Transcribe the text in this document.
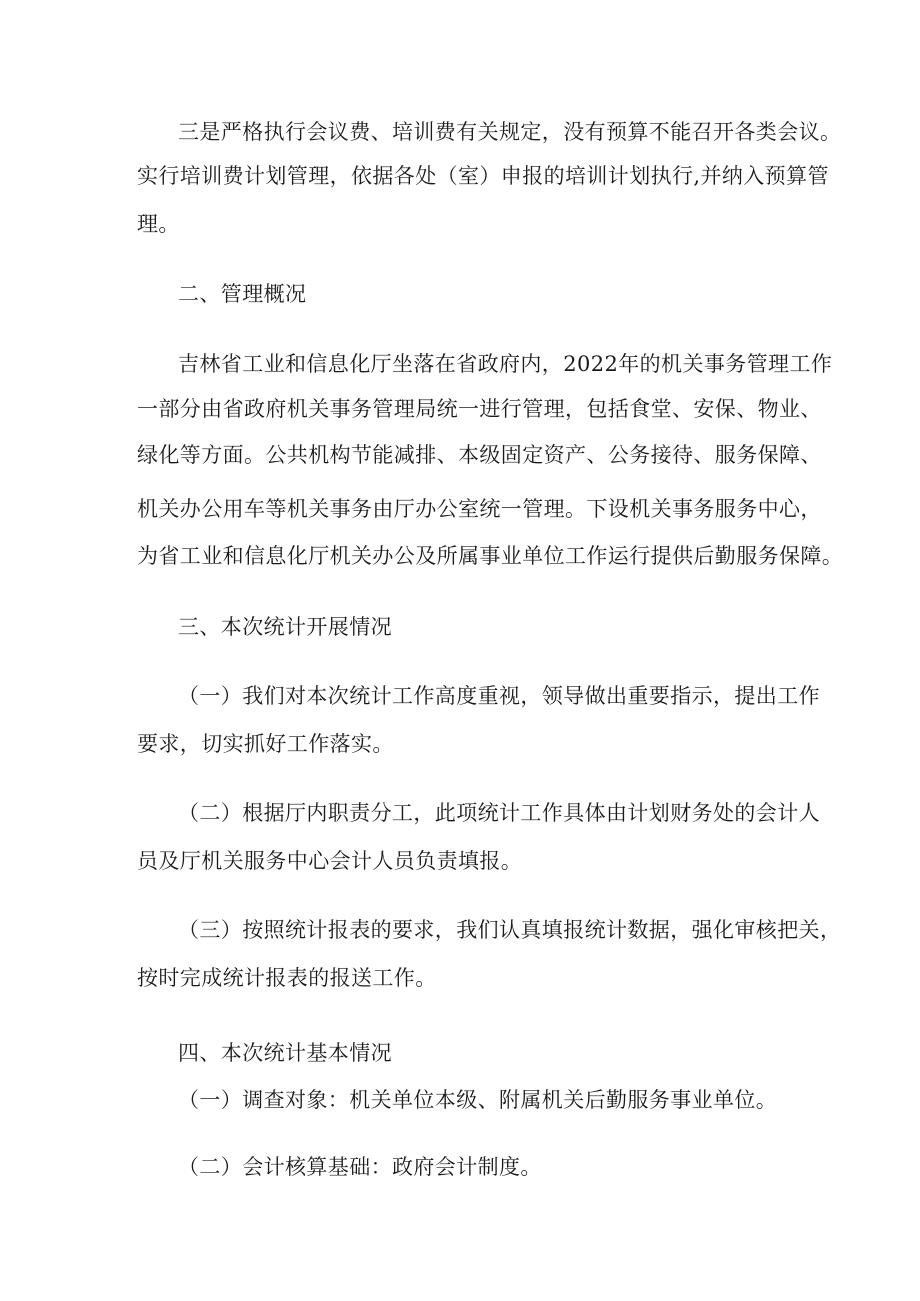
三是严格执行会议费、培训费有关规定，没有预算不能召开各类会议。
实行培训费计划管理，依据各处（室）申报的培训计划执行,并纳入预算管
理。
二、管理概况
吉林省工业和信息化厅坐落在省政府内，2022年的机关事务管理工作
一部分由省政府机关事务管理局统一进行管理，包括食堂、安保、物业、
绿化等方面。公共机构节能减排、本级固定资产、公务接待、服务保障、
机关办公用车等机关事务由厅办公室统一管理。下设机关事务服务中心，
为省工业和信息化厅机关办公及所属事业单位工作运行提供后勤服务保障。
三、本次统计开展情况
（一）我们对本次统计工作高度重视，领导做出重要指示，提出工作
要求，切实抓好工作落实。
（二）根据厅内职责分工，此项统计工作具体由计划财务处的会计人
员及厅机关服务中心会计人员负责填报。
（三）按照统计报表的要求，我们认真填报统计数据，强化审核把关，
按时完成统计报表的报送工作。
四、本次统计基本情况
（一）调查对象：机关单位本级、附属机关后勤服务事业单位。
（二）会计核算基础：政府会计制度。
